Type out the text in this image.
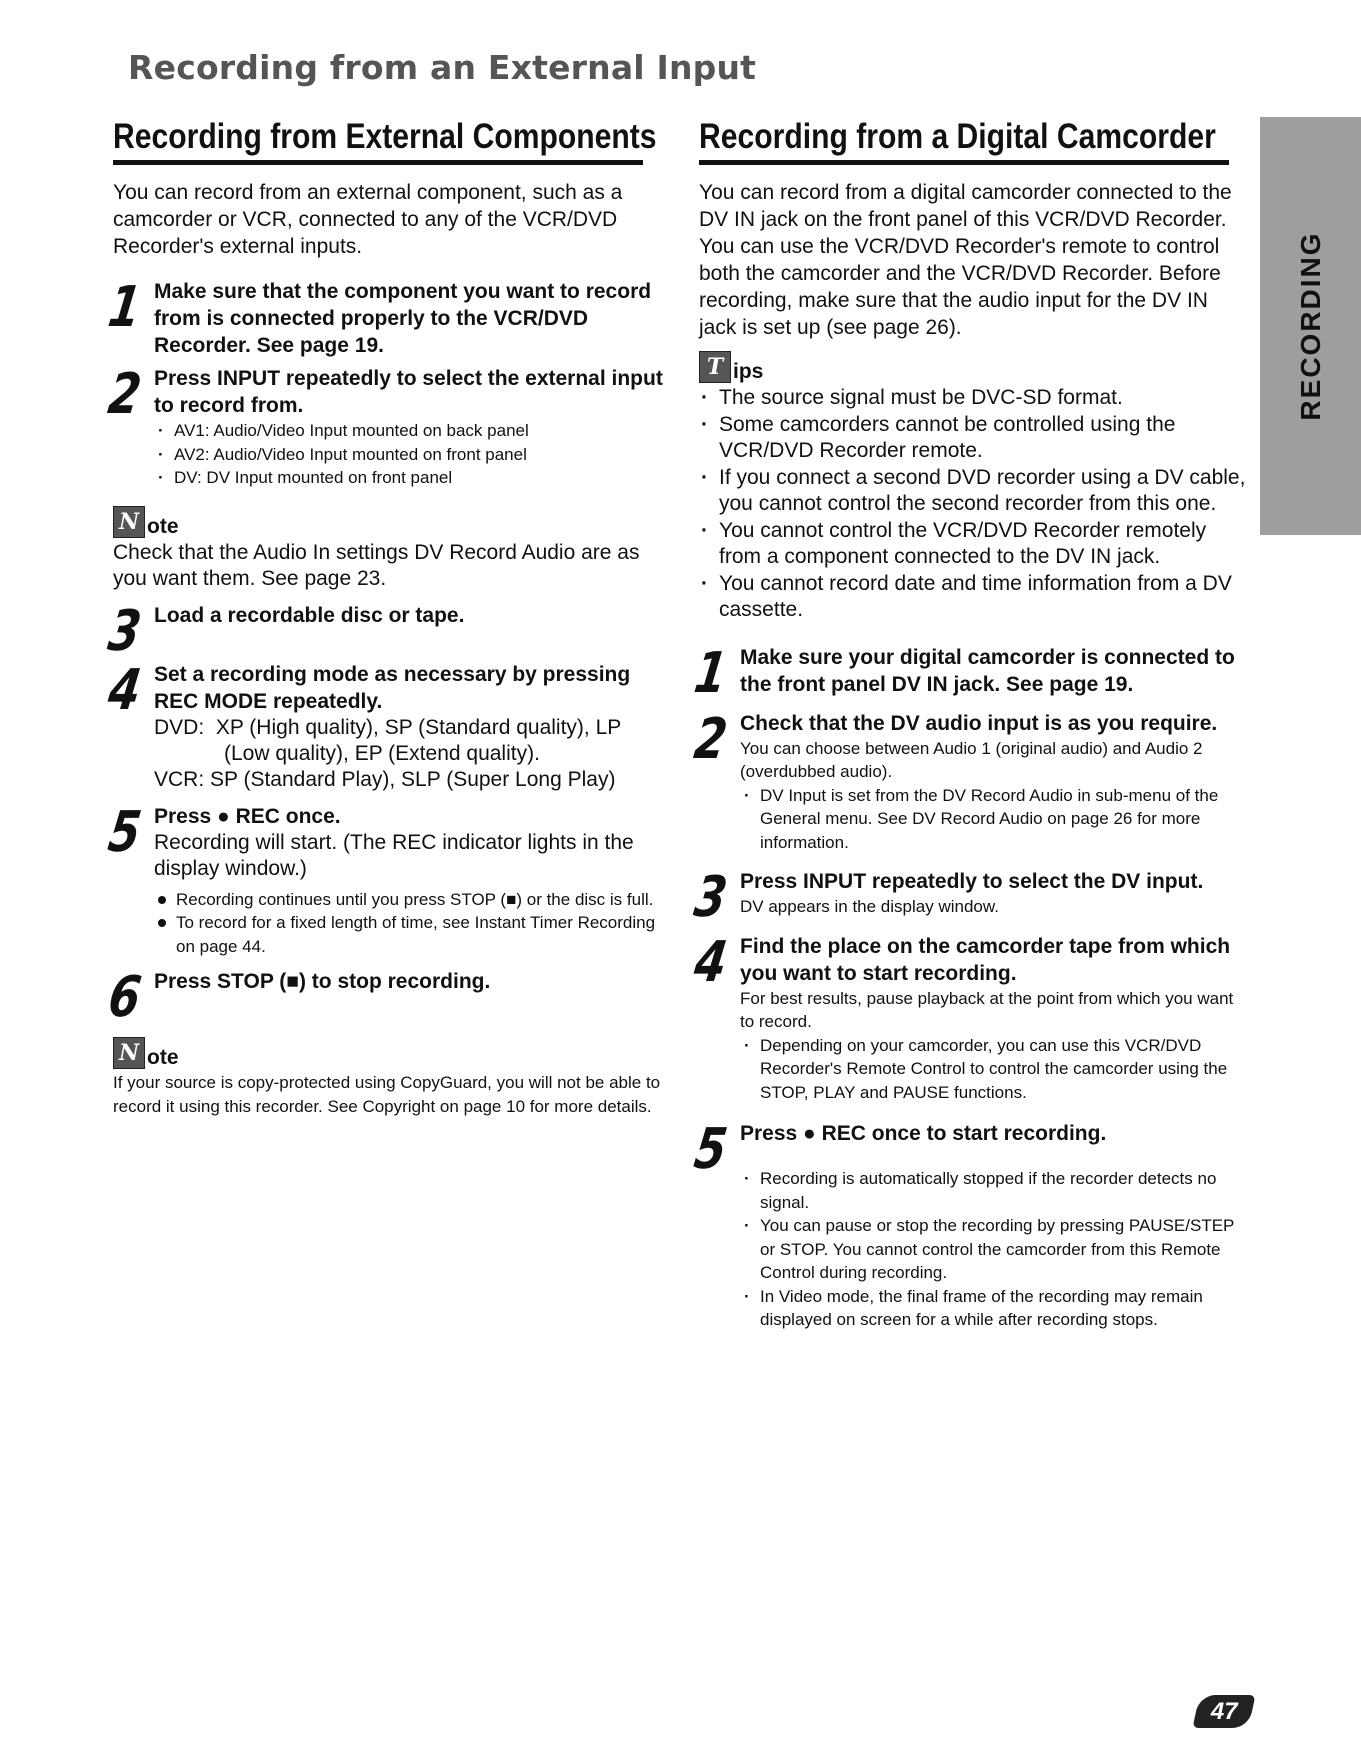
Recording from an External Input
Recording from External Components

You can record from an external component, such as a camcorder or VCR, connected to any of the VCR/DVD Recorder's external inputs.

1 Make sure that the component you want to record from is connected properly to the VCR/DVD Recorder. See page 19.

2 Press INPUT repeatedly to select the external input to record from.

· AV1: Audio/Video Input mounted on back panel
· AV2: Audio/Video Input mounted on front panel
· DV: DV Input mounted on front panel
N ote

Check that the Audio In settings DV Record Audio are as you want them. See page 23.

3 Load a recordable disc or tape.

4 Set a recording mode as necessary by pressing REC MODE repeatedly.

DVD:  XP (High quality), SP (Standard quality), LP

(Low quality), EP (Extend quality).

VCR: SP (Standard Play), SLP (Super Long Play)

5 Press ● REC once.

Recording will start. (The REC indicator lights in the display window.)

Recording continues until you press STOP (■) or the disc is full.
To record for a fixed length of time, see Instant Timer Recording on page 44.
6 Press STOP (■) to stop recording.

N ote

If your source is copy-protected using CopyGuard, you will not be able to record it using this recorder. See Copyright on page 10 for more details.

Recording from a Digital Camcorder

You can record from a digital camcorder connected to the DV IN jack on the front panel of this VCR/DVD Recorder. You can use the VCR/DVD Recorder's remote to control both the camcorder and the VCR/DVD Recorder. Before recording, make sure that the audio input for the DV IN jack is set up (see page 26).

T ips
· The source signal must be DVC-SD format.
· Some camcorders cannot be controlled using the VCR/DVD Recorder remote.
· If you connect a second DVD recorder using a DV cable, you cannot control the second recorder from this one.
· You cannot control the VCR/DVD Recorder remotely from a component connected to the DV IN jack.
· You cannot record date and time information from a DV cassette.
1 Make sure your digital camcorder is connected to the front panel DV IN jack. See page 19.

2 Check that the DV audio input is as you require.

You can choose between Audio 1 (original audio) and Audio 2 (overdubbed audio).

· DV Input is set from the DV Record Audio in sub-menu of the General menu. See DV Record Audio on page 26 for more information.
3 Press INPUT repeatedly to select the DV input.

DV appears in the display window.

4 Find the place on the camcorder tape from which you want to start recording.

For best results, pause playback at the point from which you want to record.

· Depending on your camcorder, you can use this VCR/DVD Recorder's Remote Control to control the camcorder using the STOP, PLAY and PAUSE functions.
5 Press ● REC once to start recording.

· Recording is automatically stopped if the recorder detects no signal.
· You can pause or stop the recording by pressing PAUSE/STEP or STOP. You cannot control the camcorder from this Remote Control during recording.
· In Video mode, the final frame of the recording may remain displayed on screen for a while after recording stops.
RECORDING
47
